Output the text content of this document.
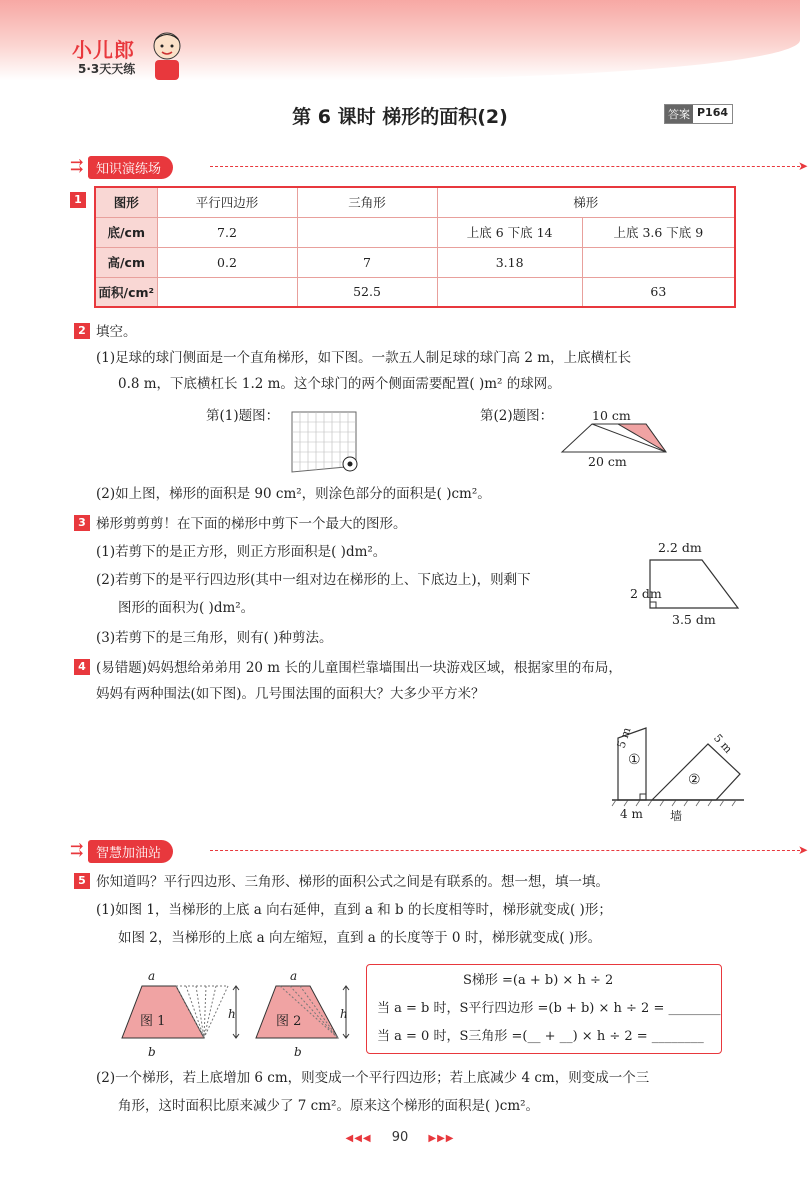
小儿郎
5·3天天练
第 6 课时 梯形的面积(2)	答案 P164
⇉ 知识演练场	➤
1	图形	平行四边形	三角形	梯形	
底/cm	7.2		上底 6 下底 14	上底 3.6 下底 9
高/cm	0.2	7	3.18	
面积/cm²		52.5		63
2 填空。
(1)足球的球门侧面是一个直角梯形，如下图。一款五人制足球的球门高 2 m，上底横杠长
0.8 m，下底横杠长 1.2 m。这个球门的两个侧面需要配置( )m² 的球网。
第(1)题图：	第(2)题图：	10 cm
20 cm
(2)如上图，梯形的面积是 90 cm²，则涂色部分的面积是( )cm²。
3 梯形剪剪剪！在下面的梯形中剪下一个最大的图形。
(1)若剪下的是正方形，则正方形面积是( )dm²。
(2)若剪下的是平行四边形(其中一组对边在梯形的上、下底边上)，则剩下
图形的面积为( )dm²。
(3)若剪下的是三角形，则有( )种剪法。
2.2 dm
2 dm
3.5 dm
4 (易错题)妈妈想给弟弟用 20 m 长的儿童围栏靠墙围出一块游戏区域，根据家里的布局，
妈妈有两种围法(如下图)。几号围法围的面积大？大多少平方米？
5 m	5 m
①
②
4 m 墙
⇉ 智慧加油站	➤
5 你知道吗？平行四边形、三角形、梯形的面积公式之间是有联系的。想一想，填一填。
(1)如图 1，当梯形的上底 a 向右延伸，直到 a 和 b 的长度相等时，梯形就变成( )形；
如图 2，当梯形的上底 a 向左缩短，直到 a 的长度等于 0 时，梯形就变成( )形。
a
图 1	h
b
a
图 2	h
b
S梯形 =(a + b) × h ÷ 2
当 a = b 时，S平行四边形 =(b + b) × h ÷ 2 = ________
当 a = 0 时，S三角形 =(__ + __) × h ÷ 2 = ________
(2)一个梯形，若上底增加 6 cm，则变成一个平行四边形；若上底减少 4 cm，则变成一个三
角形，这时面积比原来减少了 7 cm²。原来这个梯形的面积是( )cm²。
◀◀◀ 90 ▶▶▶
